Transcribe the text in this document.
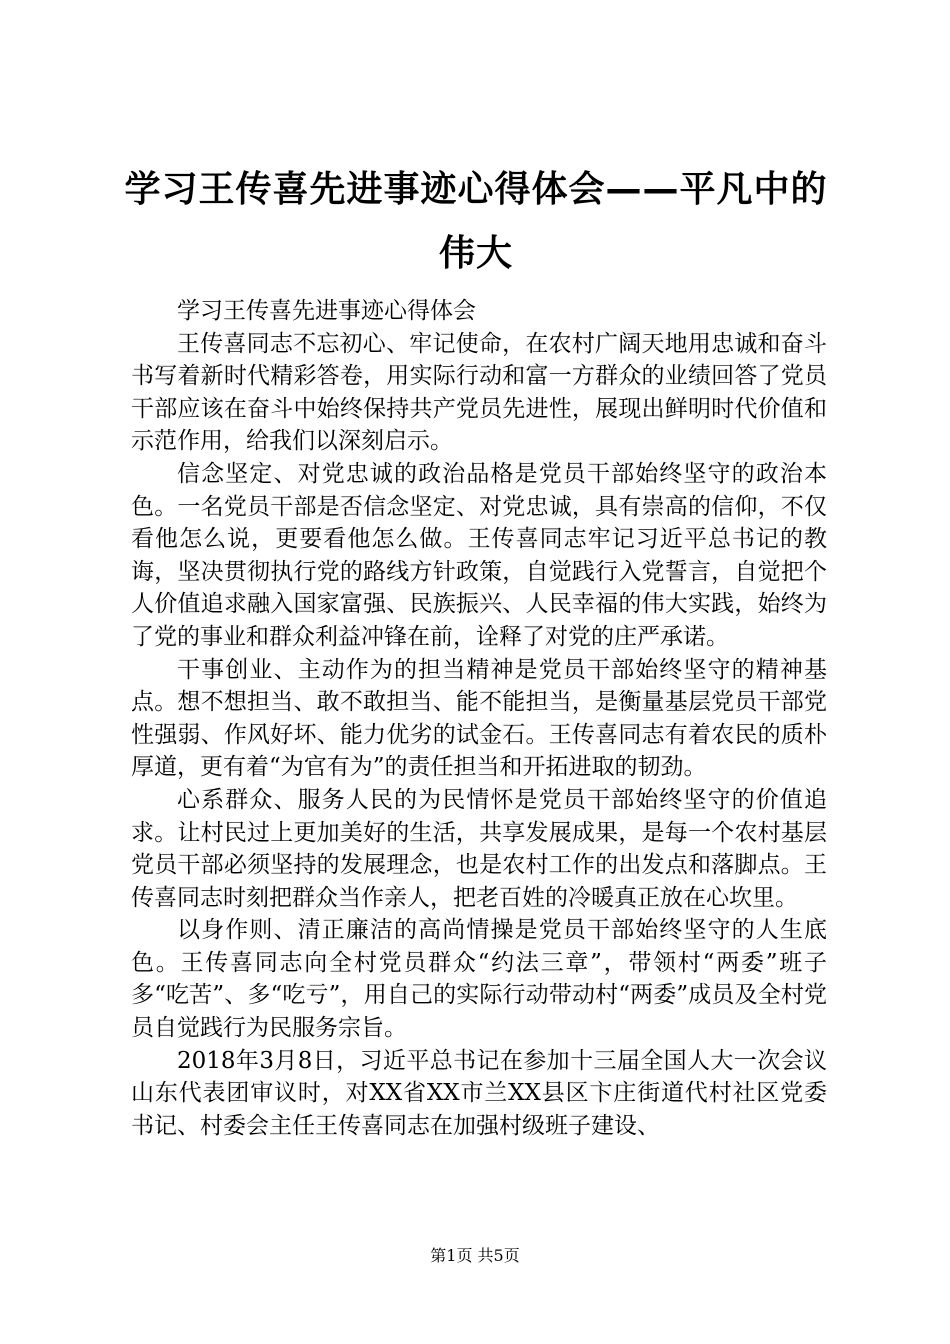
学习王传喜先进事迹心得体会——平凡中的伟大

学习王传喜先进事迹心得体会

王传喜同志不忘初心、牢记使命，在农村广阔天地用忠诚和奋斗书写着新时代精彩答卷，用实际行动和富一方群众的业绩回答了党员干部应该在奋斗中始终保持共产党员先进性，展现出鲜明时代价值和示范作用，给我们以深刻启示。

信念坚定、对党忠诚的政治品格是党员干部始终坚守的政治本色。一名党员干部是否信念坚定、对党忠诚，具有崇高的信仰，不仅看他怎么说，更要看他怎么做。王传喜同志牢记习近平总书记的教诲，坚决贯彻执行党的路线方针政策，自觉践行入党誓言，自觉把个人价值追求融入国家富强、民族振兴、人民幸福的伟大实践，始终为了党的事业和群众利益冲锋在前，诠释了对党的庄严承诺。

干事创业、主动作为的担当精神是党员干部始终坚守的精神基点。想不想担当、敢不敢担当、能不能担当，是衡量基层党员干部党性强弱、作风好坏、能力优劣的试金石。王传喜同志有着农民的质朴厚道，更有着“为官有为”的责任担当和开拓进取的韧劲。

心系群众、服务人民的为民情怀是党员干部始终坚守的价值追求。让村民过上更加美好的生活，共享发展成果，是每一个农村基层党员干部必须坚持的发展理念，也是农村工作的出发点和落脚点。王传喜同志时刻把群众当作亲人，把老百姓的冷暖真正放在心坎里。

以身作则、清正廉洁的高尚情操是党员干部始终坚守的人生底色。王传喜同志向全村党员群众“约法三章”，带领村“两委”班子多“吃苦”、多“吃亏”，用自己的实际行动带动村“两委”成员及全村党员自觉践行为民服务宗旨。

2018年3月8日，习近平总书记在参加十三届全国人大一次会议山东代表团审议时，对XX省XX市兰XX县区卞庄街道代村社区党委书记、村委会主任王传喜同志在加强村级班子建设、

第1页 共5页
